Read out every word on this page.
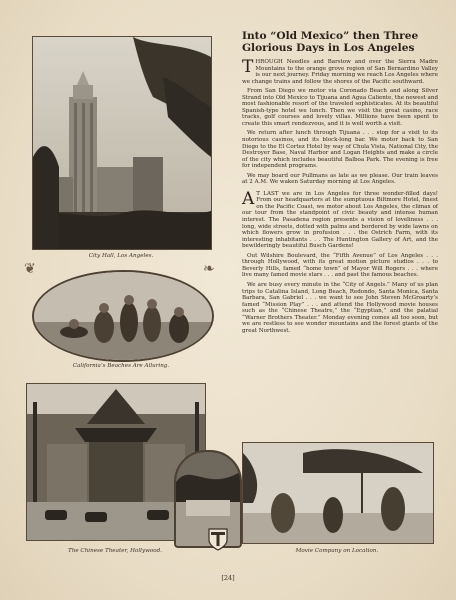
City Hall, Los Angeles.
❦	❧
California’s Beaches Are Alluring.
The Chinese Theater, Hollywood.	Movie Company on Location.
Into “Old Mexico” then Three
Glorious Days in Los Angeles

THROUGH Needles and Barstow and over the Sierra Madre Mountains to the orange grove region of San Bernardino Valley is our next journey. Friday morning we reach Los Angeles where we change trains and follow the shores of the Pacific southward.

From San Diego we motor via Coronado Beach and along Silver Strand into Old Mexico to Tijuana and Agua Caliente, the newest and most fashionable resort of the traveled sophisticates. At its beautiful Spanish-type hotel we lunch. Then we visit the great casino, race tracks, golf courses and lovely villas. Millions have been spent to create this smart rendezvous, and it is well worth a visit.

We return after lunch through Tijuana . . . stop for a visit to its notorious casinos, and its block-long bar. We motor back to San Diego to the El Cortez Hotel by way of Chula Vista, National City, the Destroyer Base, Naval Harbor and Logan Heights and make a circle of the city which includes beautiful Balboa Park. The evening is free for independent programs.

We may board our Pullmans as late as we please. Our train leaves at 2 A.M. We waken Saturday morning at Los Angeles.

A T LAST we are in Los Angeles for three wonder-filled days! From our headquarters at the sumptuous Biltmore Hotel, finest on the Pacific Coast, we motor about Los Angeles, the climax of our tour from the standpoint of civic beauty and intense human interest. The Pasadena region presents a vision of loveliness . . . long, wide streets, dotted with palms and bordered by wide lawns on which flowers grow in profusion . . . the Ostrich Farm, with its interesting inhabitants . . . The Huntington Gallery of Art, and the bewilderingly beautiful Busch Gardens!

Out Wilshire Boulevard, the “Fifth Avenue” of Los Angeles . . . through Hollywood, with its great motion picture studios . . . to Beverly Hills, famed “home town” of Mayor Will Rogers . . . where live many famed movie stars . . . and past the famous beaches.

We are busy every minute in the “City of Angels.” Many of us plan trips to Catalina Island, Long Beach, Redondo, Santa Monica, Santa Barbara, San Gabriel . . . we want to see John Steven McGroarty’s famed “Mission Play” . . . and attend the Hollywood movie houses such as the “Chinese Theatre,” the “Egyptian,” and the palatial “Warner Brothers Theater.” Monday evening comes all too soon, but we are restless to see wonder mountains and the forest giants of the great Northwest.

[24]
